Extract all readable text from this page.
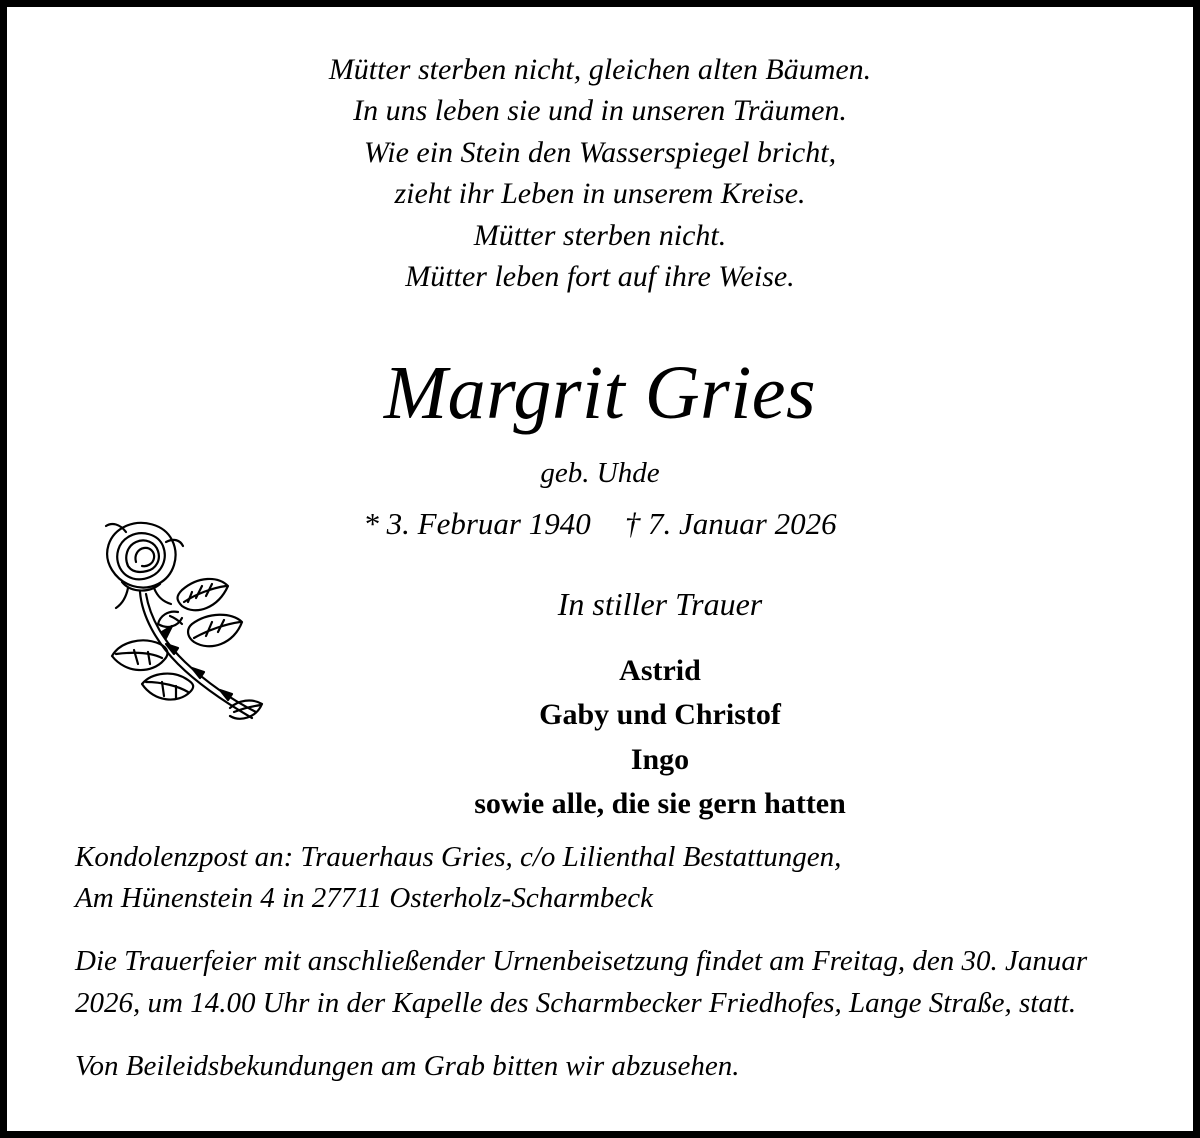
Mütter sterben nicht, gleichen alten Bäumen.
In uns leben sie und in unseren Träumen.
Wie ein Stein den Wasserspiegel bricht,
zieht ihr Leben in unserem Kreise.
Mütter sterben nicht.
Mütter leben fort auf ihre Weise.
Margrit Gries
geb. Uhde
* 3. Februar 1940 † 7. Januar 2026
In stiller Trauer
Astrid
Gaby und Christof
Ingo
sowie alle, die sie gern hatten

Kondolenzpost an: Trauerhaus Gries, c/o Lilienthal Bestattungen,
Am Hünenstein 4 in 27711 Osterholz-Scharmbeck

Die Trauerfeier mit anschließender Urnenbeisetzung findet am Freitag, den 30. Januar 2026, um 14.00 Uhr in der Kapelle des Scharmbecker Friedhofes, Lange Straße, statt.

Von Beileidsbekundungen am Grab bitten wir abzusehen.
